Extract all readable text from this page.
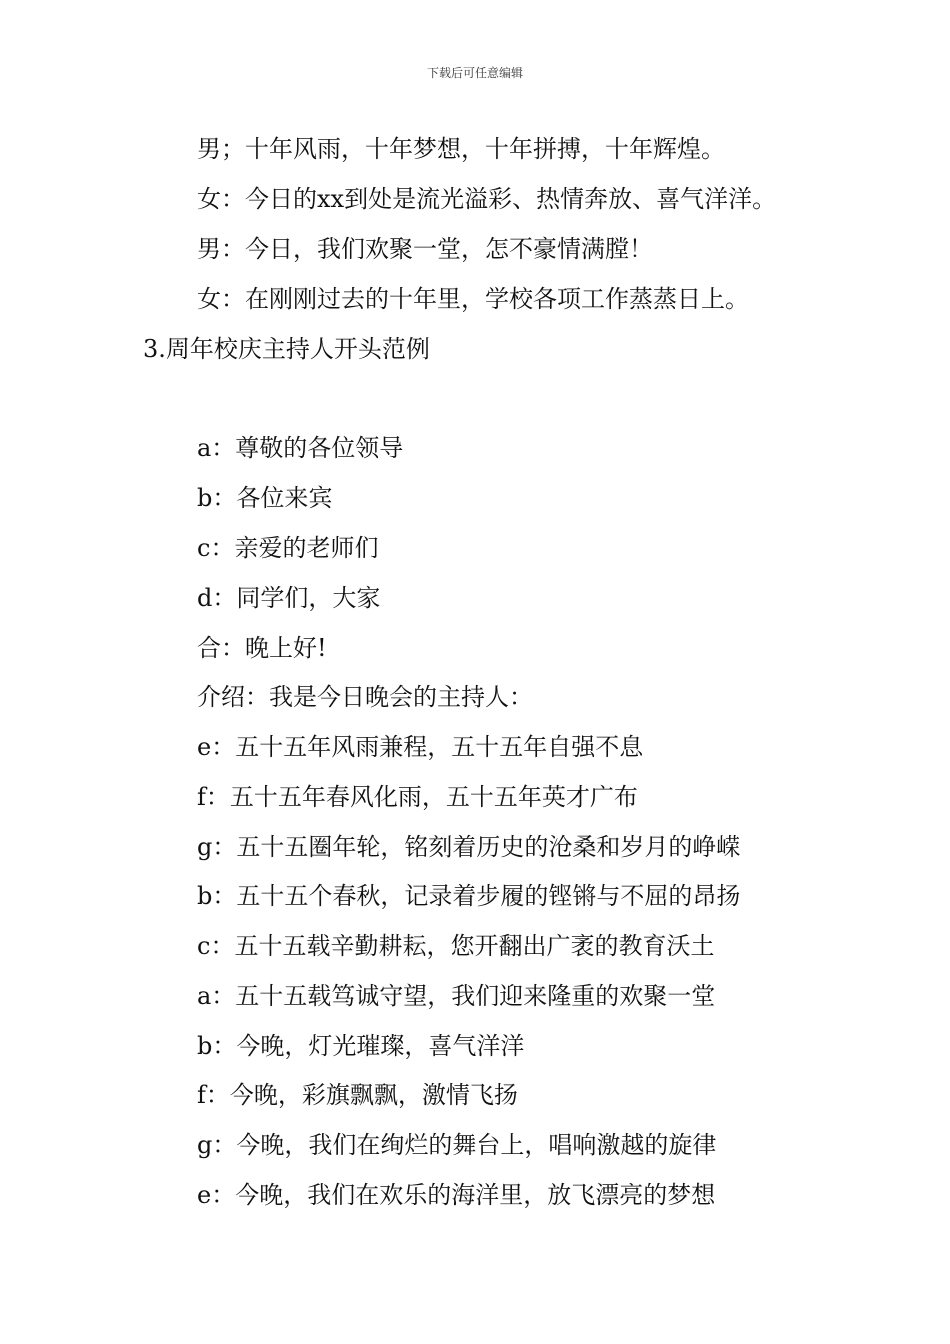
下载后可任意编辑
男；十年风雨，十年梦想，十年拼搏，十年辉煌。
女：今日的xx到处是流光溢彩、热情奔放、喜气洋洋。
男：今日，我们欢聚一堂，怎不豪情满膛！
女：在刚刚过去的十年里，学校各项工作蒸蒸日上。
3.周年校庆主持人开头范例
a：尊敬的各位领导
b：各位来宾
c：亲爱的老师们
d：同学们，大家
合：晚上好!
介绍：我是今日晚会的主持人：
e：五十五年风雨兼程，五十五年自强不息
f：五十五年春风化雨，五十五年英才广布
g：五十五圈年轮，铭刻着历史的沧桑和岁月的峥嵘
b：五十五个春秋，记录着步履的铿锵与不屈的昂扬
c：五十五载辛勤耕耘，您开翻出广袤的教育沃土
a：五十五载笃诚守望，我们迎来隆重的欢聚一堂
b：今晚，灯光璀璨，喜气洋洋
f：今晚，彩旗飘飘，激情飞扬
g：今晚，我们在绚烂的舞台上，唱响激越的旋律
e：今晚，我们在欢乐的海洋里，放飞漂亮的梦想
